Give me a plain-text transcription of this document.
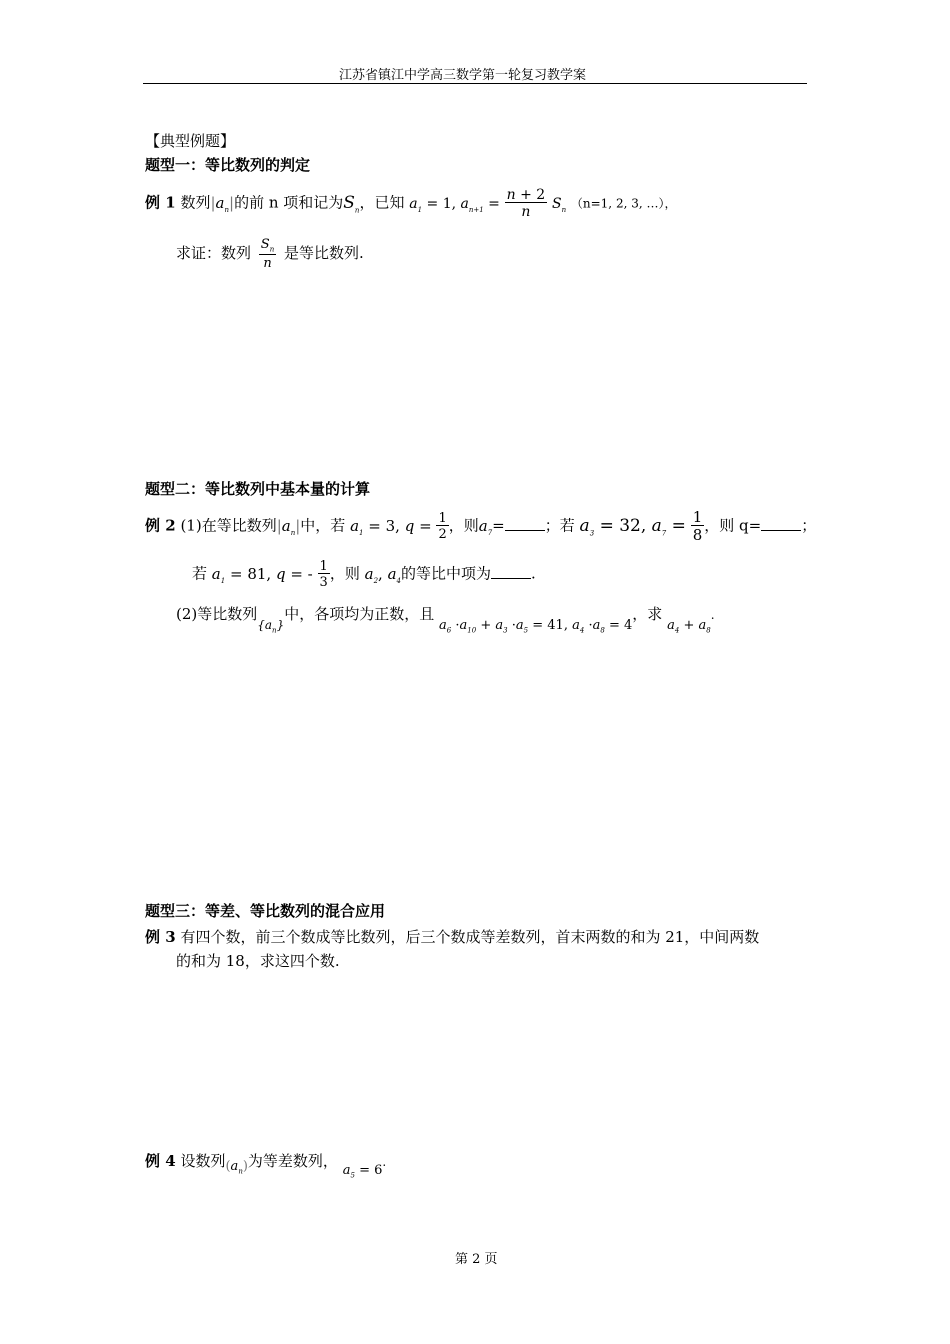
江苏省镇江中学高三数学第一轮复习教学案
【典型例题】
题型一：等比数列的判定
例 1 数列$|a_n|$的前 n 项和记为$S_n$，已知 $a_1 = 1$, $a_{n+1} = \frac{n + 2}{n} S_n$ （n=1, 2, 3, …），
求证：数列 $\frac{S_n}{n}$ 是等比数列.
题型二：等比数列中基本量的计算
例 2 (1)在等比数列$|a_n|$中，若 $a_1 = 3$, $q = \frac{1}{2}$ ，则$a_7=$	；若 $a_3 = 32$, $a_7 = \frac{1}{8}$ ，则 q=	；
若 $a_1 = 81$, q = - $\frac{1}{3}$ ，则 $a_2$, $a_4$的等比中项为	.
(2)等比数列$_{\{a_n\}}$中，各项均为正数，且 $a_6 \cdot a_{10} + a_3 \cdot a_5 = 41$, $a_4 \cdot a_8 = 4$，求 $a_4 + a_8$.
题型三：等差、等比数列的混合应用
例 3 有四个数，前三个数成等比数列，后三个数成等差数列，首末两数的和为 21，中间两数
的和为 18，求这四个数.
例 4 设数列$(a_n)$为等差数列， $a_5 = 6$.
第 2 页
